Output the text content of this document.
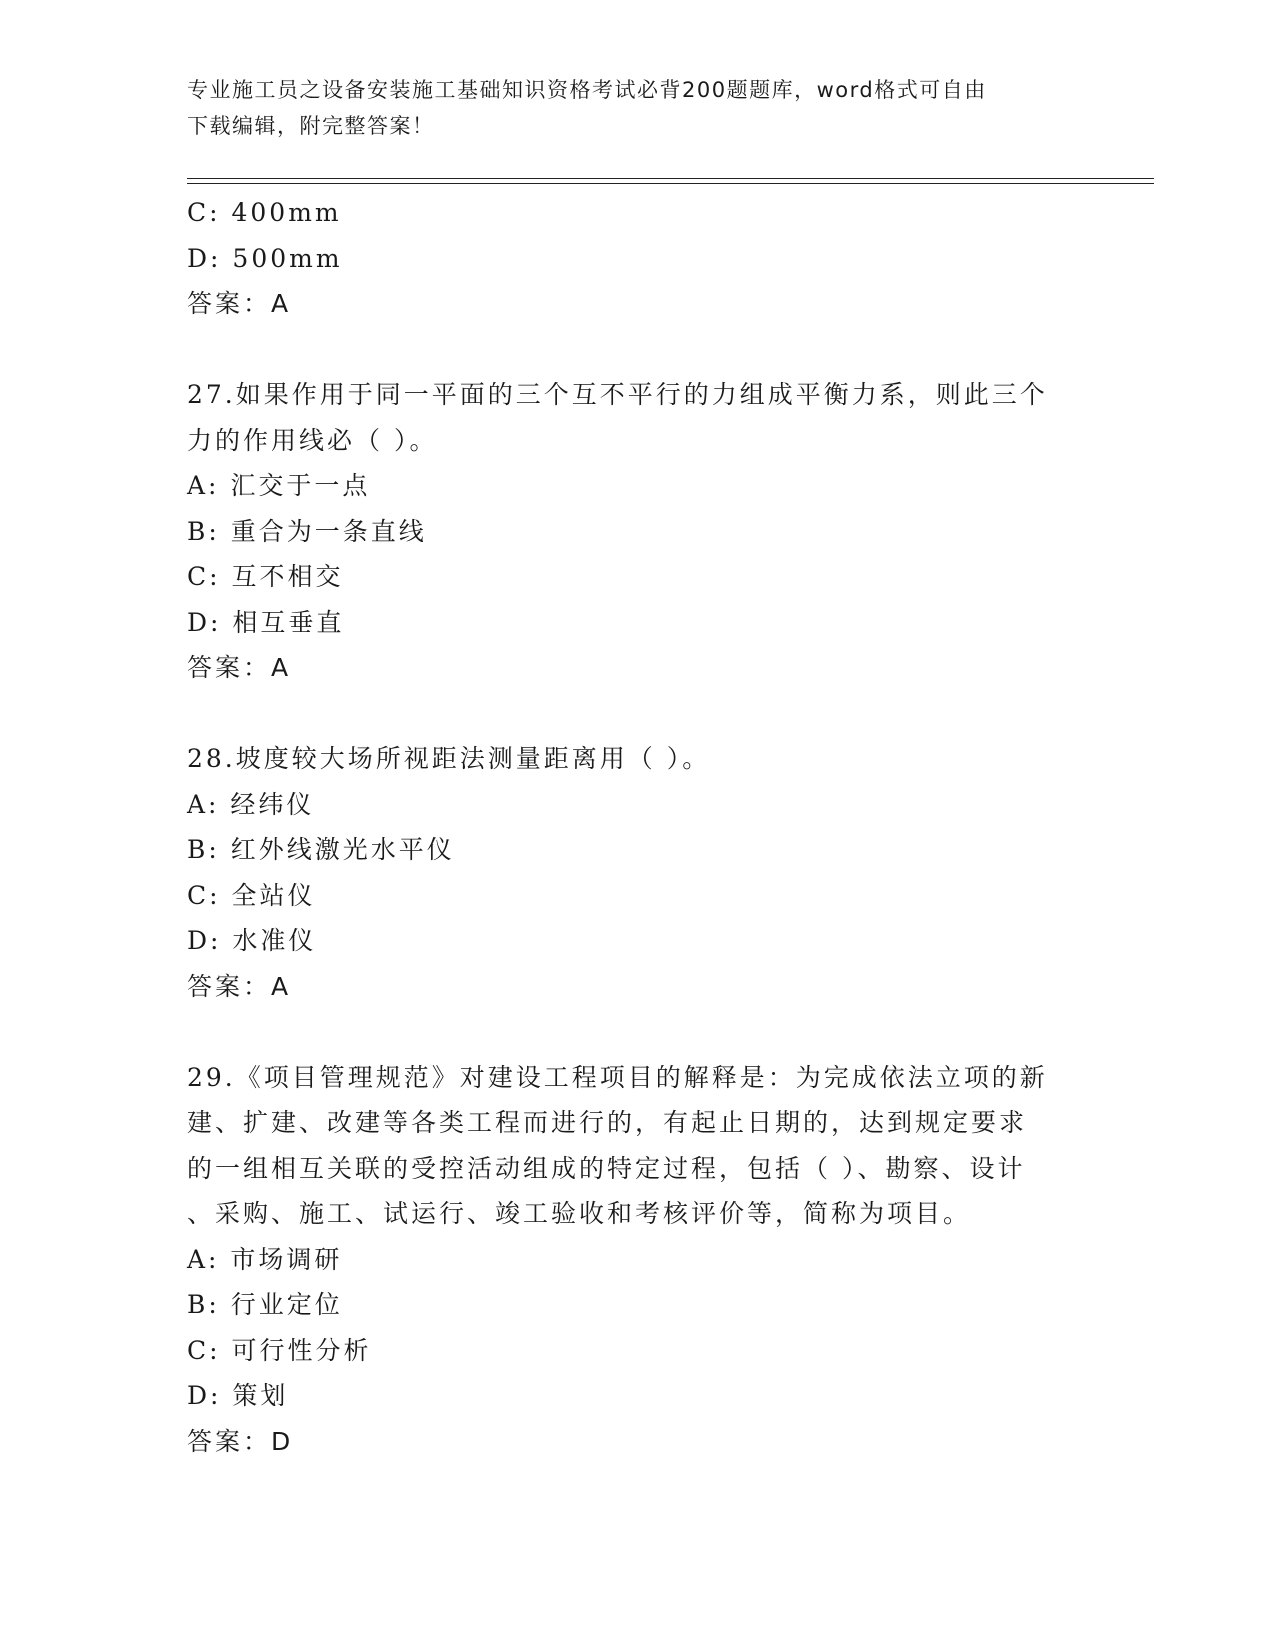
专业施工员之设备安装施工基础知识资格考试必背200题题库，word格式可自由
下载编辑，附完整答案！
C: 400mm
D: 500mm
答案：A
27.如果作用于同一平面的三个互不平行的力组成平衡力系，则此三个
力的作用线必（ ）。
A: 汇交于一点
B: 重合为一条直线
C: 互不相交
D: 相互垂直
答案：A
28.坡度较大场所视距法测量距离用（ ）。
A: 经纬仪
B: 红外线激光水平仪
C: 全站仪
D: 水准仪
答案：A
29.《项目管理规范》对建设工程项目的解释是：为完成依法立项的新
建、扩建、改建等各类工程而进行的，有起止日期的，达到规定要求
的一组相互关联的受控活动组成的特定过程，包括（ ）、勘察、设计
、采购、施工、试运行、竣工验收和考核评价等，简称为项目。
A: 市场调研
B: 行业定位
C: 可行性分析
D: 策划
答案：D
